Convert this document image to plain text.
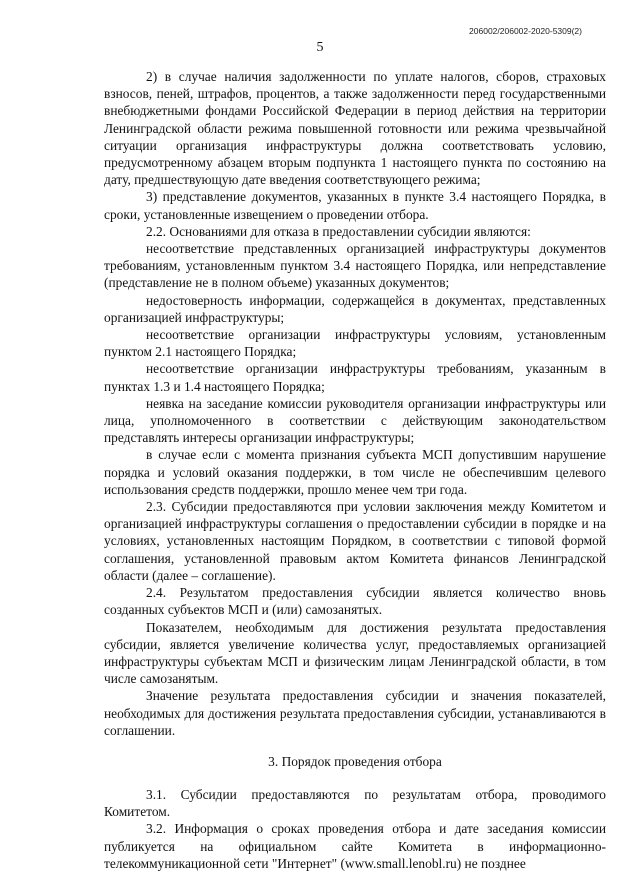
206002/206002-2020-5309(2)
5

2) в случае наличия задолженности по уплате налогов, сборов, страховых взносов, пеней, штрафов, процентов, а также задолженности перед государственными внебюджетными фондами Российской Федерации в период действия на территории Ленинградской области режима повышенной готовности или режима чрезвычайной ситуации организация инфраструктуры должна соответствовать условию, предусмотренному абзацем вторым подпункта 1 настоящего пункта по состоянию на дату, предшествующую дате введения соответствующего режима;

3) представление документов, указанных в пункте 3.4 настоящего Порядка, в сроки, установленные извещением о проведении отбора.

2.2. Основаниями для отказа в предоставлении субсидии являются:

несоответствие представленных организацией инфраструктуры документов требованиям, установленным пунктом 3.4 настоящего Порядка, или непредставление (представление не в полном объеме) указанных документов;

недостоверность информации, содержащейся в документах, представленных организацией инфраструктуры;

несоответствие организации инфраструктуры условиям, установленным пунктом 2.1 настоящего Порядка;

несоответствие организации инфраструктуры требованиям, указанным в пунктах 1.3 и 1.4 настоящего Порядка;

неявка на заседание комиссии руководителя организации инфраструктуры или лица, уполномоченного в соответствии с действующим законодательством представлять интересы организации инфраструктуры;

в случае если с момента признания субъекта МСП допустившим нарушение порядка и условий оказания поддержки, в том числе не обеспечившим целевого использования средств поддержки, прошло менее чем три года.

2.3. Субсидии предоставляются при условии заключения между Комитетом и организацией инфраструктуры соглашения о предоставлении субсидии в порядке и на условиях, установленных настоящим Порядком, в соответствии с типовой формой соглашения, установленной правовым актом Комитета финансов Ленинградской области (далее – соглашение).

2.4. Результатом предоставления субсидии является количество вновь созданных субъектов МСП и (или) самозанятых.

Показателем, необходимым для достижения результата предоставления субсидии, является увеличение количества услуг, предоставляемых организацией инфраструктуры субъектам МСП и физическим лицам Ленинградской области, в том числе самозанятым.

Значение результата предоставления субсидии и значения показателей, необходимых для достижения результата предоставления субсидии, устанавливаются в соглашении.

3. Порядок проведения отбора

3.1. Субсидии предоставляются по результатам отбора, проводимого Комитетом.

3.2. Информация о сроках проведения отбора и дате заседания комиссии публикуется на официальном сайте Комитета в информационно-телекоммуникационной сети "Интернет" (www.small.lenobl.ru) не позднее
